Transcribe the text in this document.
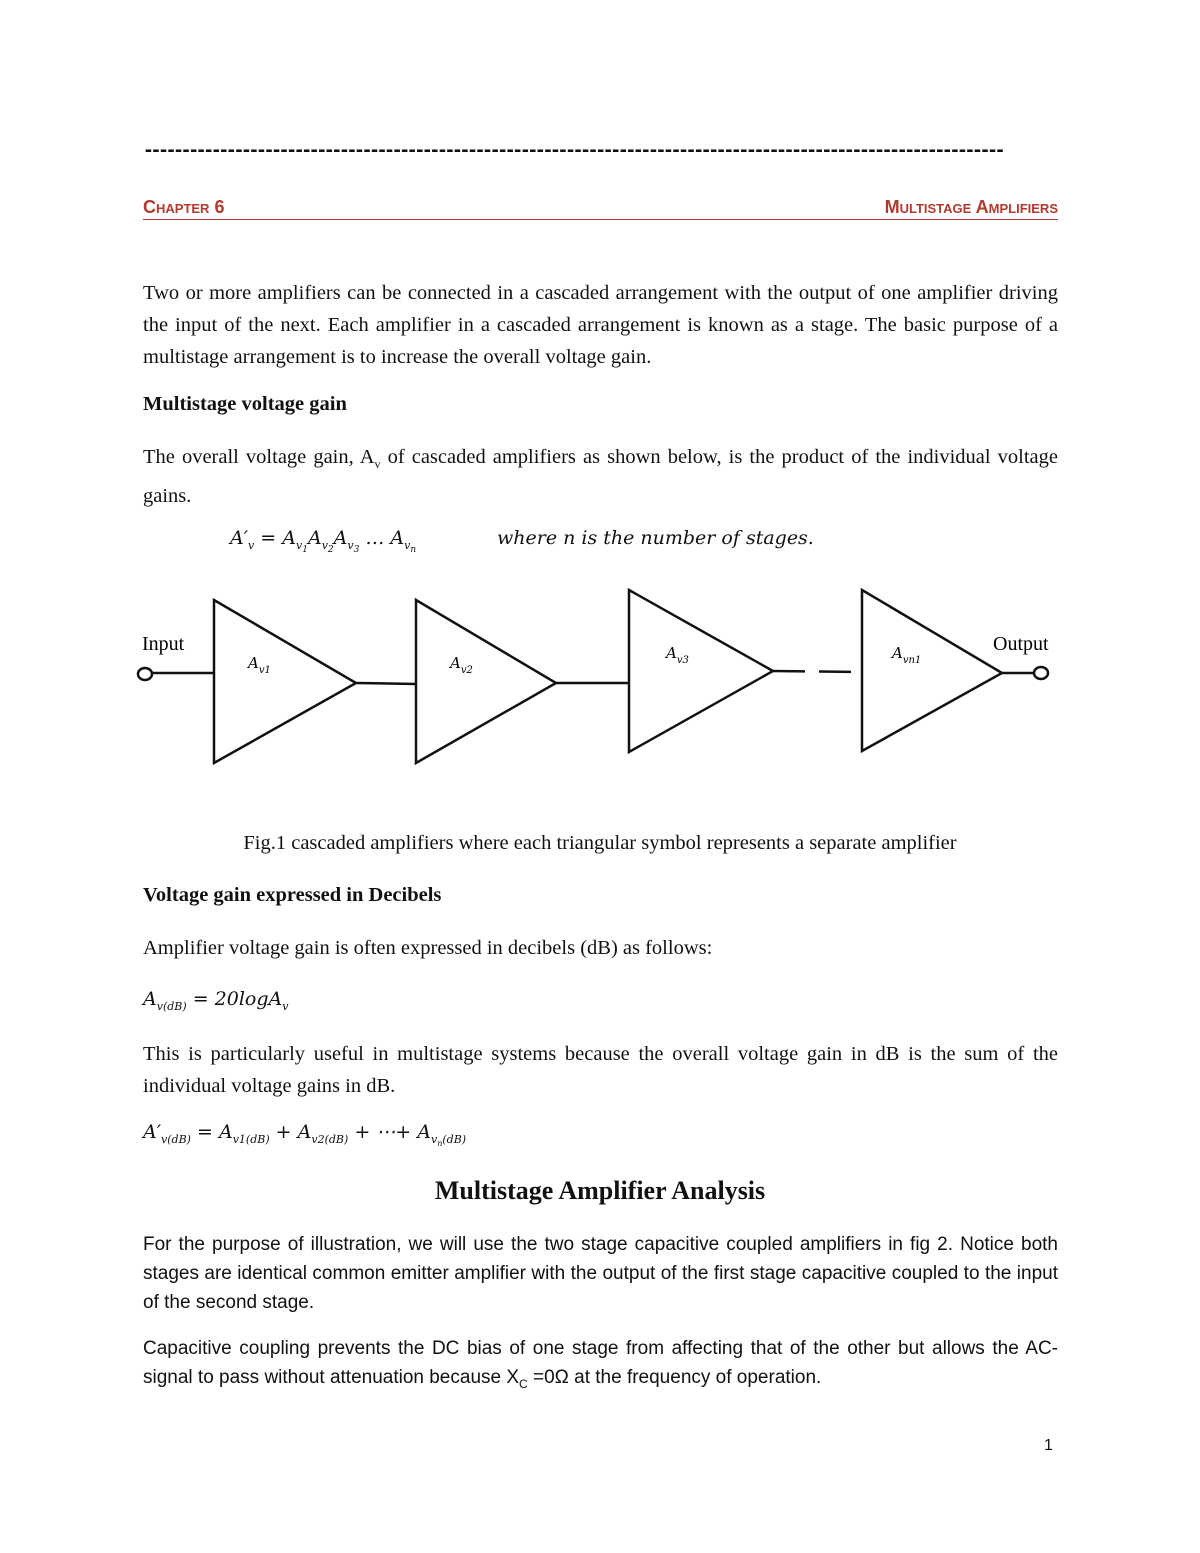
------------------------------------------------------------------------------------------------------------------
Chapter 6	Multistage Amplifiers
Two or more amplifiers can be connected in a cascaded arrangement with the output of one amplifier driving the input of the next. Each amplifier in a cascaded arrangement is known as a stage. The basic purpose of a multistage arrangement is to increase the overall voltage gain.
Multistage voltage gain
The overall voltage gain, $A_v$ of cascaded amplifiers as shown below, is the product of the individual voltage gains.
$A'_v = A_{v_1}A_{v_2}A_{v_3}$ … $A_{v_n}$
where n is the number of stages.
Input	Output
$A_{v1}$	$A_{v2}$
$A_{v3}$	$A_{vn1}$
Fig.1 cascaded amplifiers where each triangular symbol represents a separate amplifier
Voltage gain expressed in Decibels
Amplifier voltage gain is often expressed in decibels (dB) as follows:
$A_{v(dB)} = 20\log A_v$
This is particularly useful in multistage systems because the overall voltage gain in dB is the sum of the individual voltage gains in dB.
$A'_{v(dB)} = A_{v1(dB)} + A_{v2(dB)}$ + ⋯+ $A_{v_n(dB)}$
Multistage Amplifier Analysis
For the purpose of illustration, we will use the two stage capacitive coupled amplifiers in fig 2. Notice both stages are identical common emitter amplifier with the output of the first stage capacitive coupled to the input of the second stage.
Capacitive coupling prevents the DC bias of one stage from affecting that of the other but allows the AC-signal to pass without attenuation because $X_C =0\Omega$ at the frequency of operation.
1
